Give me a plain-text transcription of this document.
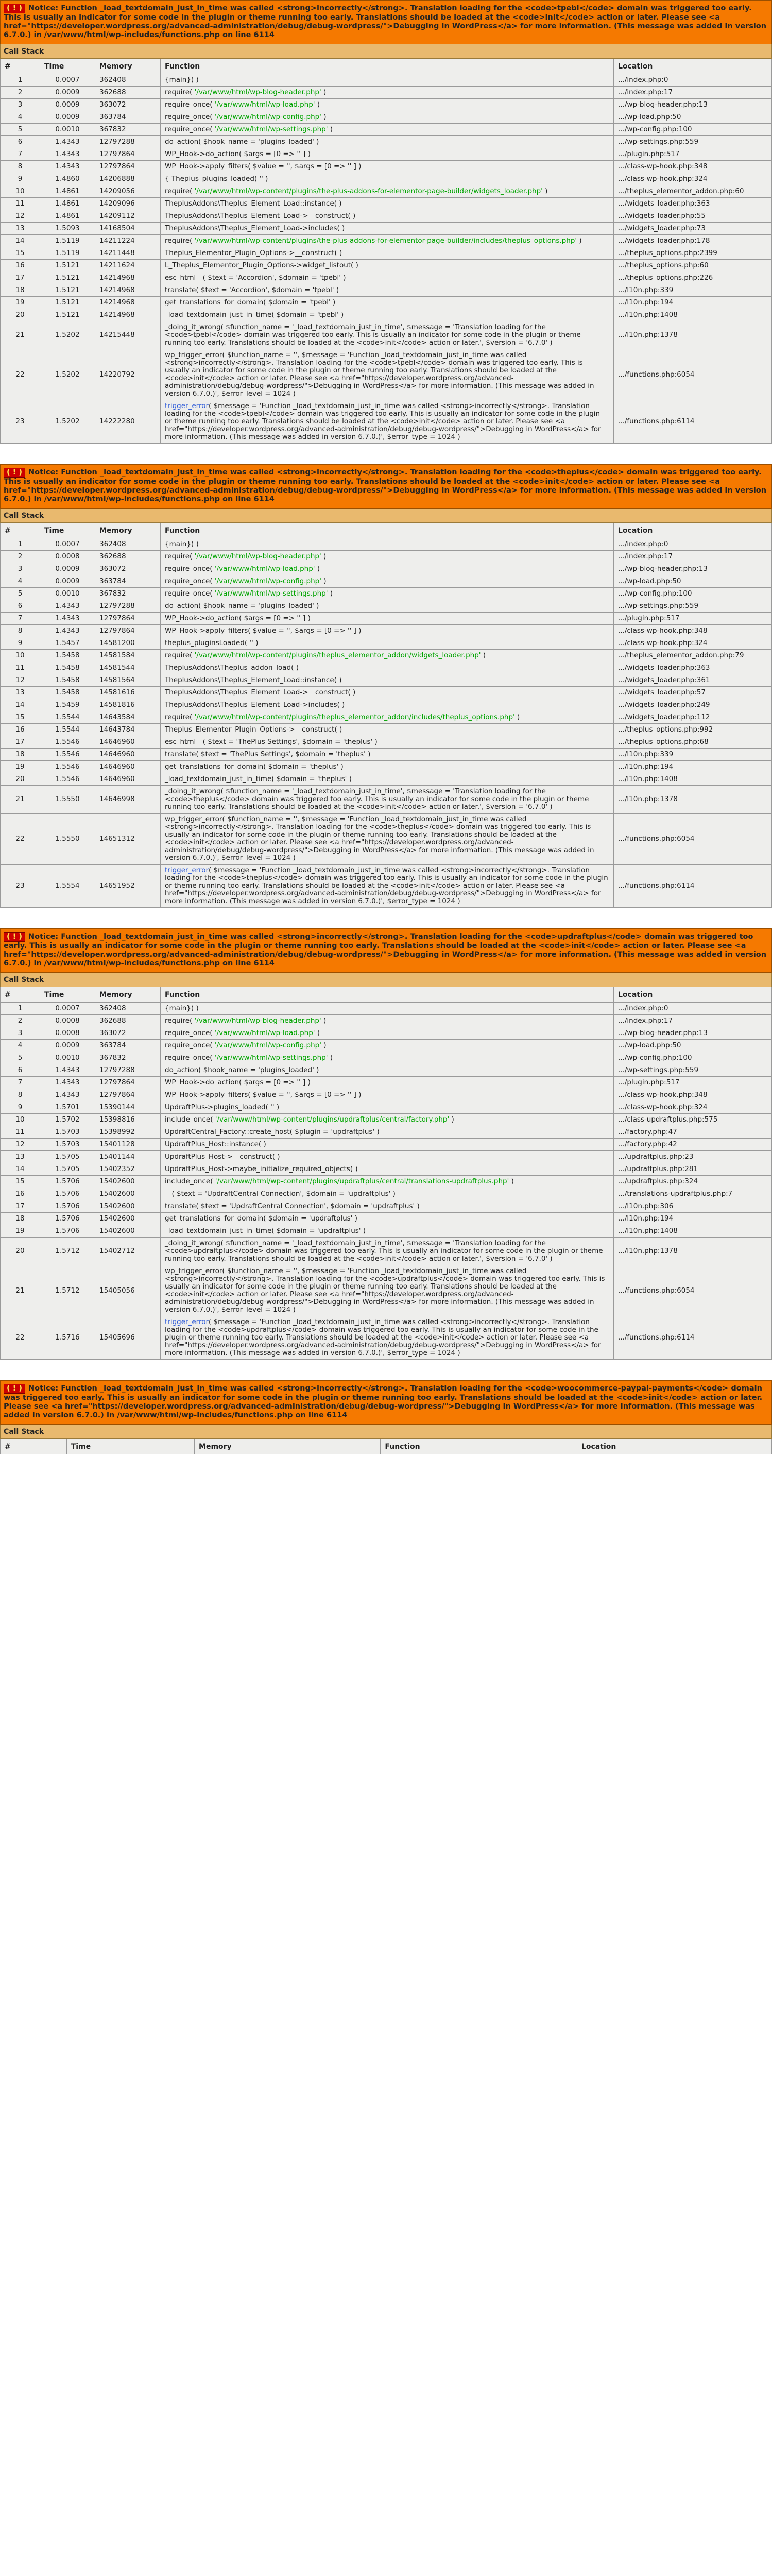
( ! ) Notice: Function _load_textdomain_just_in_time was called <strong>incorrectly</strong>. Translation loading for the <code>tpebl</code> domain was triggered too early. This is usually an indicator for some code in the plugin or theme running too early. Translations should be loaded at the <code>init</code> action or later. Please see <a href="https://developer.wordpress.org/advanced-administration/debug/debug-wordpress/">Debugging in WordPress</a> for more information. (This message was added in version 6.7.0.) in /var/www/html/wp-includes/functions.php on line 6114				
Call Stack				
#	Time	Memory	Function	Location
1	0.0007	362408	{main}( )	.../index.php:0
2	0.0009	362688	require( '/var/www/html/wp-blog-header.php' )	.../index.php:17
3	0.0009	363072	require_once( '/var/www/html/wp-load.php' )	.../wp-blog-header.php:13
4	0.0009	363784	require_once( '/var/www/html/wp-config.php' )	.../wp-load.php:50
5	0.0010	367832	require_once( '/var/www/html/wp-settings.php' )	.../wp-config.php:100
6	1.4343	12797288	do_action( $hook_name = 'plugins_loaded' )	.../wp-settings.php:559
7	1.4343	12797864	WP_Hook->do_action( $args = [0 => '' ] )	.../plugin.php:517
8	1.4343	12797864	WP_Hook->apply_filters( $value = '', $args = [0 => '' ] )	.../class-wp-hook.php:348
9	1.4860	14206888	{ Thepius_plugins_loaded( '' )	.../class-wp-hook.php:324
10	1.4861	14209056	require( '/var/www/html/wp-content/plugins/the-plus-addons-for-elementor-page-builder/widgets_loader.php' )	.../theplus_elementor_addon.php:60
11	1.4861	14209096	TheplusAddons\Theplus_Element_Load::instance( )	.../widgets_loader.php:363
12	1.4861	14209112	TheplusAddons\Theplus_Element_Load->__construct( )	.../widgets_loader.php:55
13	1.5093	14168504	TheplusAddons\Theplus_Element_Load->includes( )	.../widgets_loader.php:73
14	1.5119	14211224	require( '/var/www/html/wp-content/plugins/the-plus-addons-for-elementor-page-builder/includes/theplus_options.php' )	.../widgets_loader.php:178
15	1.5119	14211448	Theplus_Elementor_Plugin_Options->__construct( )	.../theplus_options.php:2399
16	1.5121	14211624	L_Theplus_Elementor_Plugin_Options->widget_listout( )	.../theplus_options.php:60
17	1.5121	14214968	esc_html__( $text = 'Accordion', $domain = 'tpebl' )	.../theplus_options.php:226
18	1.5121	14214968	translate( $text = 'Accordion', $domain = 'tpebl' )	.../l10n.php:339
19	1.5121	14214968	get_translations_for_domain( $domain = 'tpebl' )	.../l10n.php:194
20	1.5121	14214968	_load_textdomain_just_in_time( $domain = 'tpebl' )	.../l10n.php:1408
21	1.5202	14215448	_doing_it_wrong( $function_name = '_load_textdomain_just_in_time', $message = 'Translation loading for the <code>tpebl</code> domain was triggered too early. This is usually an indicator for some code in the plugin or theme running too early. Translations should be loaded at the <code>init</code> action or later.', $version = '6.7.0' )	.../l10n.php:1378
22	1.5202	14220792	wp_trigger_error( $function_name = '', $message = 'Function _load_textdomain_just_in_time was called <strong>incorrectly</strong>. Translation loading for the <code>tpebl</code> domain was triggered too early. This is usually an indicator for some code in the plugin or theme running too early. Translations should be loaded at the <code>init</code> action or later. Please see <a href="https://developer.wordpress.org/advanced-administration/debug/debug-wordpress/">Debugging in WordPress</a> for more information. (This message was added in version 6.7.0.)', $error_level = 1024 )	.../functions.php:6054
23	1.5202	14222280	trigger_error( $message = 'Function _load_textdomain_just_in_time was called <strong>incorrectly</strong>. Translation loading for the <code>tpebl</code> domain was triggered too early. This is usually an indicator for some code in the plugin or theme running too early. Translations should be loaded at the <code>init</code> action or later. Please see <a href="https://developer.wordpress.org/advanced-administration/debug/debug-wordpress/">Debugging in WordPress</a> for more information. (This message was added in version 6.7.0.)', $error_type = 1024 )	.../functions.php:6114
( ! ) Notice: Function _load_textdomain_just_in_time was called <strong>incorrectly</strong>. Translation loading for the <code>theplus</code> domain was triggered too early. This is usually an indicator for some code in the plugin or theme running too early. Translations should be loaded at the <code>init</code> action or later. Please see <a href="https://developer.wordpress.org/advanced-administration/debug/debug-wordpress/">Debugging in WordPress</a> for more information. (This message was added in version 6.7.0.) in /var/www/html/wp-includes/functions.php on line 6114				
Call Stack				
#	Time	Memory	Function	Location
1	0.0007	362408	{main}( )	.../index.php:0
2	0.0008	362688	require( '/var/www/html/wp-blog-header.php' )	.../index.php:17
3	0.0009	363072	require_once( '/var/www/html/wp-load.php' )	.../wp-blog-header.php:13
4	0.0009	363784	require_once( '/var/www/html/wp-config.php' )	.../wp-load.php:50
5	0.0010	367832	require_once( '/var/www/html/wp-settings.php' )	.../wp-config.php:100
6	1.4343	12797288	do_action( $hook_name = 'plugins_loaded' )	.../wp-settings.php:559
7	1.4343	12797864	WP_Hook->do_action( $args = [0 => '' ] )	.../plugin.php:517
8	1.4343	12797864	WP_Hook->apply_filters( $value = '', $args = [0 => '' ] )	.../class-wp-hook.php:348
9	1.5457	14581200	theplus_pluginsLoaded( '' )	.../class-wp-hook.php:324
10	1.5458	14581584	require( '/var/www/html/wp-content/plugins/theplus_elementor_addon/widgets_loader.php' )	.../theplus_elementor_addon.php:79
11	1.5458	14581544	TheplusAddons\Theplus_addon_load( )	.../widgets_loader.php:363
12	1.5458	14581564	TheplusAddons\Theplus_Element_Load::instance( )	.../widgets_loader.php:361
13	1.5458	14581616	TheplusAddons\Theplus_Element_Load->__construct( )	.../widgets_loader.php:57
14	1.5459	14581816	TheplusAddons\Theplus_Element_Load->includes( )	.../widgets_loader.php:249
15	1.5544	14643584	require( '/var/www/html/wp-content/plugins/theplus_elementor_addon/includes/theplus_options.php' )	.../widgets_loader.php:112
16	1.5544	14643784	Theplus_Elementor_Plugin_Options->__construct( )	.../theplus_options.php:992
17	1.5546	14646960	esc_html__( $text = 'ThePlus Settings', $domain = 'theplus' )	.../theplus_options.php:68
18	1.5546	14646960	translate( $text = 'ThePlus Settings', $domain = 'theplus' )	.../l10n.php:339
19	1.5546	14646960	get_translations_for_domain( $domain = 'theplus' )	.../l10n.php:194
20	1.5546	14646960	_load_textdomain_just_in_time( $domain = 'theplus' )	.../l10n.php:1408
21	1.5550	14646998	_doing_it_wrong( $function_name = '_load_textdomain_just_in_time', $message = 'Translation loading for the <code>theplus</code> domain was triggered too early. This is usually an indicator for some code in the plugin or theme running too early. Translations should be loaded at the <code>init</code> action or later.', $version = '6.7.0' )	.../l10n.php:1378
22	1.5550	14651312	wp_trigger_error( $function_name = '', $message = 'Function _load_textdomain_just_in_time was called <strong>incorrectly</strong>. Translation loading for the <code>theplus</code> domain was triggered too early. This is usually an indicator for some code in the plugin or theme running too early. Translations should be loaded at the <code>init</code> action or later. Please see <a href="https://developer.wordpress.org/advanced-administration/debug/debug-wordpress/">Debugging in WordPress</a> for more information. (This message was added in version 6.7.0.)', $error_level = 1024 )	.../functions.php:6054
23	1.5554	14651952	trigger_error( $message = 'Function _load_textdomain_just_in_time was called <strong>incorrectly</strong>. Translation loading for the <code>theplus</code> domain was triggered too early. This is usually an indicator for some code in the plugin or theme running too early. Translations should be loaded at the <code>init</code> action or later. Please see <a href="https://developer.wordpress.org/advanced-administration/debug/debug-wordpress/">Debugging in WordPress</a> for more information. (This message was added in version 6.7.0.)', $error_type = 1024 )	.../functions.php:6114
( ! ) Notice: Function _load_textdomain_just_in_time was called <strong>incorrectly</strong>. Translation loading for the <code>updraftplus</code> domain was triggered too early. This is usually an indicator for some code in the plugin or theme running too early. Translations should be loaded at the <code>init</code> action or later. Please see <a href="https://developer.wordpress.org/advanced-administration/debug/debug-wordpress/">Debugging in WordPress</a> for more information. (This message was added in version 6.7.0.) in /var/www/html/wp-includes/functions.php on line 6114				
Call Stack				
#	Time	Memory	Function	Location
1	0.0007	362408	{main}( )	.../index.php:0
2	0.0008	362688	require( '/var/www/html/wp-blog-header.php' )	.../index.php:17
3	0.0008	363072	require_once( '/var/www/html/wp-load.php' )	.../wp-blog-header.php:13
4	0.0009	363784	require_once( '/var/www/html/wp-config.php' )	.../wp-load.php:50
5	0.0010	367832	require_once( '/var/www/html/wp-settings.php' )	.../wp-config.php:100
6	1.4343	12797288	do_action( $hook_name = 'plugins_loaded' )	.../wp-settings.php:559
7	1.4343	12797864	WP_Hook->do_action( $args = [0 => '' ] )	.../plugin.php:517
8	1.4343	12797864	WP_Hook->apply_filters( $value = '', $args = [0 => '' ] )	.../class-wp-hook.php:348
9	1.5701	15390144	UpdraftPlus->plugins_loaded( '' )	.../class-wp-hook.php:324
10	1.5702	15398816	include_once( '/var/www/html/wp-content/plugins/updraftplus/central/factory.php' )	.../class-updraftplus.php:575
11	1.5703	15398992	UpdraftCentral_Factory::create_host( $plugin = 'updraftplus' )	.../factory.php:47
12	1.5703	15401128	UpdraftPlus_Host::instance( )	.../factory.php:42
13	1.5705	15401144	UpdraftPlus_Host->__construct( )	.../updraftplus.php:23
14	1.5705	15402352	UpdraftPlus_Host->maybe_initialize_required_objects( )	.../updraftplus.php:281
15	1.5706	15402600	include_once( '/var/www/html/wp-content/plugins/updraftplus/central/translations-updraftplus.php' )	.../updraftplus.php:324
16	1.5706	15402600	__( $text = 'UpdraftCentral Connection', $domain = 'updraftplus' )	.../translations-updraftplus.php:7
17	1.5706	15402600	translate( $text = 'UpdraftCentral Connection', $domain = 'updraftplus' )	.../l10n.php:306
18	1.5706	15402600	get_translations_for_domain( $domain = 'updraftplus' )	.../l10n.php:194
19	1.5706	15402600	_load_textdomain_just_in_time( $domain = 'updraftplus' )	.../l10n.php:1408
20	1.5712	15402712	_doing_it_wrong( $function_name = '_load_textdomain_just_in_time', $message = 'Translation loading for the <code>updraftplus</code> domain was triggered too early. This is usually an indicator for some code in the plugin or theme running too early. Translations should be loaded at the <code>init</code> action or later.', $version = '6.7.0' )	.../l10n.php:1378
21	1.5712	15405056	wp_trigger_error( $function_name = '', $message = 'Function _load_textdomain_just_in_time was called <strong>incorrectly</strong>. Translation loading for the <code>updraftplus</code> domain was triggered too early. This is usually an indicator for some code in the plugin or theme running too early. Translations should be loaded at the <code>init</code> action or later. Please see <a href="https://developer.wordpress.org/advanced-administration/debug/debug-wordpress/">Debugging in WordPress</a> for more information. (This message was added in version 6.7.0.)', $error_level = 1024 )	.../functions.php:6054
22	1.5716	15405696	trigger_error( $message = 'Function _load_textdomain_just_in_time was called <strong>incorrectly</strong>. Translation loading for the <code>updraftplus</code> domain was triggered too early. This is usually an indicator for some code in the plugin or theme running too early. Translations should be loaded at the <code>init</code> action or later. Please see <a href="https://developer.wordpress.org/advanced-administration/debug/debug-wordpress/">Debugging in WordPress</a> for more information. (This message was added in version 6.7.0.)', $error_type = 1024 )	.../functions.php:6114
( ! ) Notice: Function _load_textdomain_just_in_time was called <strong>incorrectly</strong>. Translation loading for the <code>woocommerce-paypal-payments</code> domain was triggered too early. This is usually an indicator for some code in the plugin or theme running too early. Translations should be loaded at the <code>init</code> action or later. Please see <a href="https://developer.wordpress.org/advanced-administration/debug/debug-wordpress/">Debugging in WordPress</a> for more information. (This message was added in version 6.7.0.) in /var/www/html/wp-includes/functions.php on line 6114
Call Stack
#	Time	Memory	Function	Location
